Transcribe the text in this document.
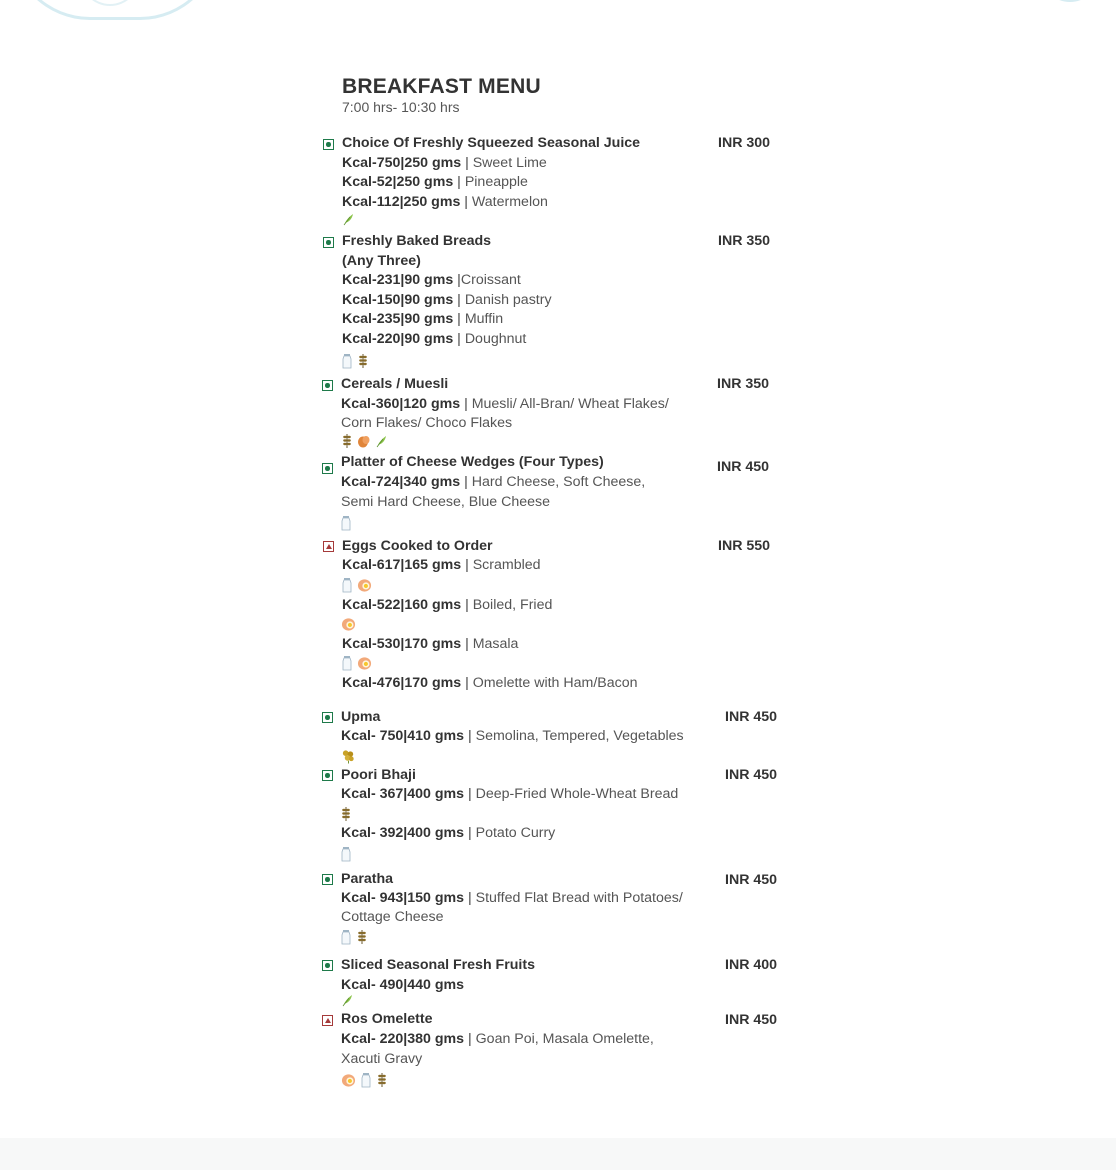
BREAKFAST MENU
7:00 hrs- 10:30 hrs
Choice Of Freshly Squeezed Seasonal Juice	INR 300
Kcal-750|250 gms | Sweet Lime
Kcal-52|250 gms | Pineapple
Kcal-112|250 gms | Watermelon
Freshly Baked Breads	INR 350
(Any Three)
Kcal-231|90 gms |Croissant
Kcal-150|90 gms | Danish pastry
Kcal-235|90 gms | Muffin
Kcal-220|90 gms | Doughnut
Cereals / Muesli	INR 350
Kcal-360|120 gms | Muesli/ All-Bran/ Wheat Flakes/
Corn Flakes/ Choco Flakes
Platter of Cheese Wedges (Four Types)	INR 450
Kcal-724|340 gms | Hard Cheese, Soft Cheese,
Semi Hard Cheese, Blue Cheese
Eggs Cooked to Order	INR 550
Kcal-617|165 gms | Scrambled
Kcal-522|160 gms | Boiled, Fried
Kcal-530|170 gms | Masala
Kcal-476|170 gms | Omelette with Ham/Bacon
Upma	INR 450
Kcal- 750|410 gms | Semolina, Tempered, Vegetables
Poori Bhaji	INR 450
Kcal- 367|400 gms | Deep-Fried Whole-Wheat Bread
Kcal- 392|400 gms | Potato Curry
Paratha	INR 450
Kcal- 943|150 gms | Stuffed Flat Bread with Potatoes/
Cottage Cheese
Sliced Seasonal Fresh Fruits	INR 400
Kcal- 490|440 gms
Ros Omelette	INR 450
Kcal- 220|380 gms | Goan Poi, Masala Omelette,
Xacuti Gravy
